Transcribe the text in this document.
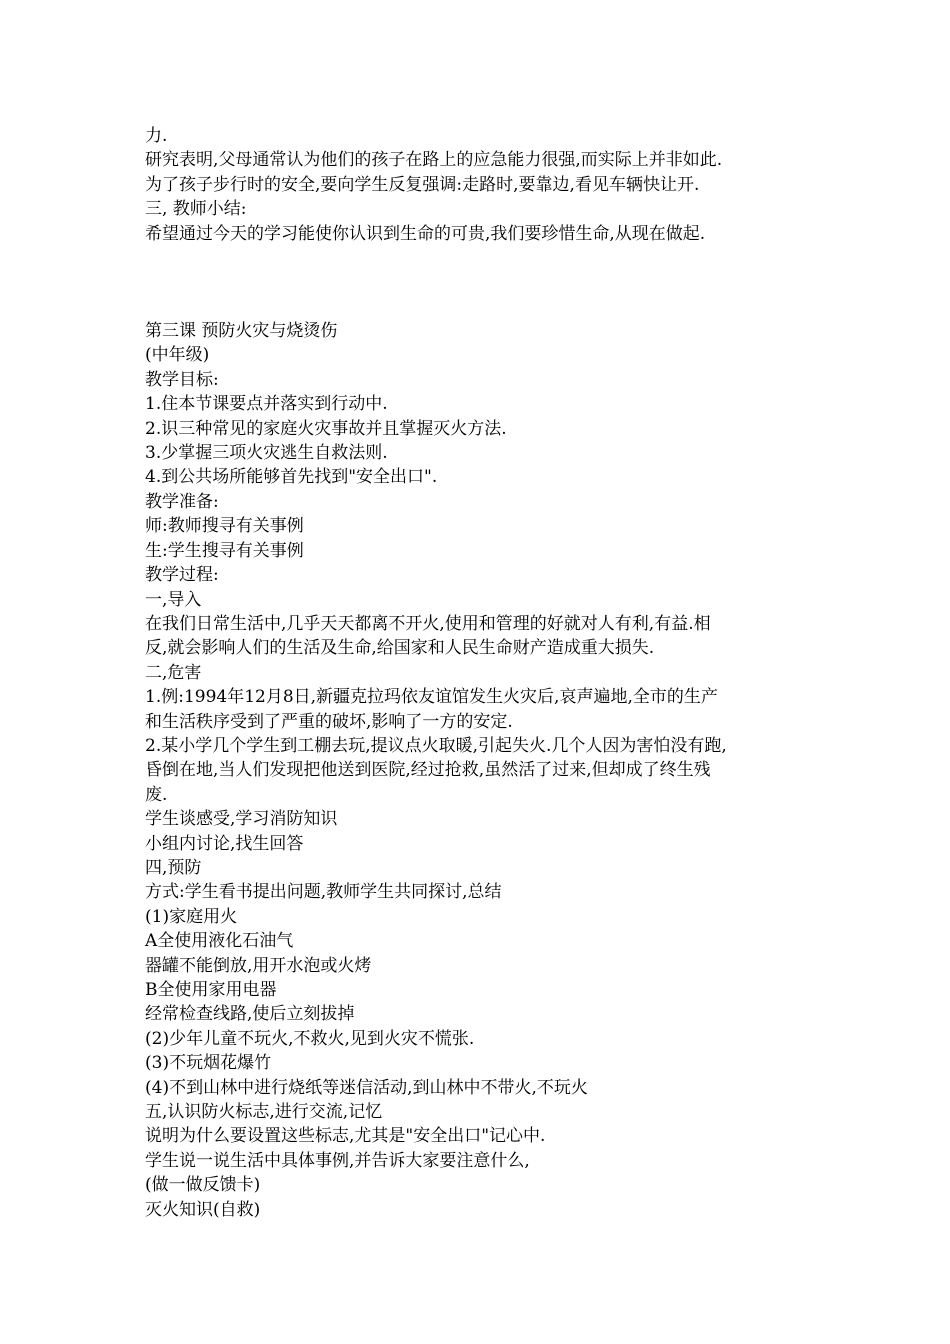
力.

研究表明,父母通常认为他们的孩子在路上的应急能力很强,而实际上并非如此.

为了孩子步行时的安全,要向学生反复强调:走路时,要靠边,看见车辆快让开.

三, 教师小结:

希望通过今天的学习能使你认识到生命的可贵,我们要珍惜生命,从现在做起.

第三课 预防火灾与烧烫伤

(中年级)

教学目标:

1.住本节课要点并落实到行动中.

2.识三种常见的家庭火灾事故并且掌握灭火方法.

3.少掌握三项火灾逃生自救法则.

4.到公共场所能够首先找到"安全出口".

教学准备:

师:教师搜寻有关事例

生:学生搜寻有关事例

教学过程:

一,导入

在我们日常生活中,几乎天天都离不开火,使用和管理的好就对人有利,有益.相

反,就会影响人们的生活及生命,给国家和人民生命财产造成重大损失.

二,危害

1.例:1994年12月8日,新疆克拉玛依友谊馆发生火灾后,哀声遍地,全市的生产

和生活秩序受到了严重的破坏,影响了一方的安定.

2.某小学几个学生到工棚去玩,提议点火取暖,引起失火.几个人因为害怕没有跑,

昏倒在地,当人们发现把他送到医院,经过抢救,虽然活了过来,但却成了终生残

废.

学生谈感受,学习消防知识

小组内讨论,找生回答

四,预防

方式:学生看书提出问题,教师学生共同探讨,总结

(1)家庭用火

A全使用液化石油气

器罐不能倒放,用开水泡或火烤

B全使用家用电器

经常检查线路,使后立刻拔掉

(2)少年儿童不玩火,不救火,见到火灾不慌张.

(3)不玩烟花爆竹

(4)不到山林中进行烧纸等迷信活动,到山林中不带火,不玩火

五,认识防火标志,进行交流,记忆

说明为什么要设置这些标志,尤其是"安全出口"记心中.

学生说一说生活中具体事例,并告诉大家要注意什么,

(做一做反馈卡)

灭火知识(自救)
